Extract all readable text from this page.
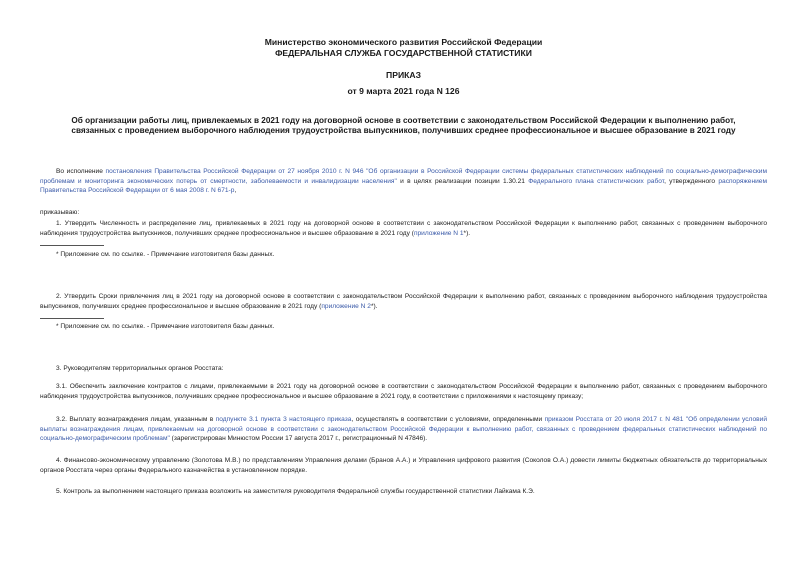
Министерство экономического развития Российской Федерации
ФЕДЕРАЛЬНАЯ СЛУЖБА ГОСУДАРСТВЕННОЙ СТАТИСТИКИ
ПРИКАЗ
от 9 марта 2021 года N 126
Об организации работы лиц, привлекаемых в 2021 году на договорной основе в соответствии с законодательством Российской Федерации к выполнению работ,
связанных с проведением выборочного наблюдения трудоустройства выпускников, получивших среднее профессиональное и высшее образование в 2021 году
Во исполнение постановления Правительства Российской Федерации от 27 ноября 2010 г. N 946 "Об организации в Российской Федерации системы федеральных статистических наблюдений по социально-демографическим проблемам и мониторинга экономических потерь от смертности, заболеваемости и инвалидизации населения" и в целях реализации позиции 1.30.21 Федерального плана статистических работ, утвержденного распоряжением Правительства Российской Федерации от 6 мая 2008 г. N 671-р,
приказываю:
1. Утвердить Численность и распределение лиц, привлекаемых в 2021 году на договорной основе в соответствии с законодательством Российской Федерации к выполнению работ, связанных с проведением выборочного наблюдения трудоустройства выпускников, получивших среднее профессиональное и высшее образование в 2021 году (приложение N 1*).
* Приложение см. по ссылке. - Примечание изготовителя базы данных.
2. Утвердить Сроки привлечения лиц в 2021 году на договорной основе в соответствии с законодательством Российской Федерации к выполнению работ, связанных с проведением выборочного наблюдения трудоустройства выпускников, получивших среднее профессиональное и высшее образование в 2021 году (приложение N 2*).
* Приложение см. по ссылке. - Примечание изготовителя базы данных.
3. Руководителям территориальных органов Росстата:
3.1. Обеспечить заключение контрактов с лицами, привлекаемыми в 2021 году на договорной основе в соответствии с законодательством Российской Федерации к выполнению работ, связанных с проведением выборочного наблюдения трудоустройства выпускников, получивших среднее профессиональное и высшее образование в 2021 году, в соответствии с приложениями к настоящему приказу;
3.2. Выплату вознаграждения лицам, указанным в подпункте 3.1 пункта 3 настоящего приказа, осуществлять в соответствии с условиями, определенными приказом Росстата от 20 июля 2017 г. N 481 "Об определении условий выплаты вознаграждения лицам, привлекаемым на договорной основе в соответствии с законодательством Российской Федерации к выполнению работ, связанных с проведением федеральных статистических наблюдений по социально-демографическим проблемам" (зарегистрирован Минюстом России 17 августа 2017 г., регистрационный N 47846).
4. Финансово-экономическому управлению (Золотова М.В.) по представлениям Управления делами (Бранов А.А.) и Управления цифрового развития (Соколов О.А.) довести лимиты бюджетных обязательств до территориальных органов Росстата через органы Федерального казначейства в установленном порядке.
5. Контроль за выполнением настоящего приказа возложить на заместителя руководителя Федеральной службы государственной статистики Лайкама К.Э.
